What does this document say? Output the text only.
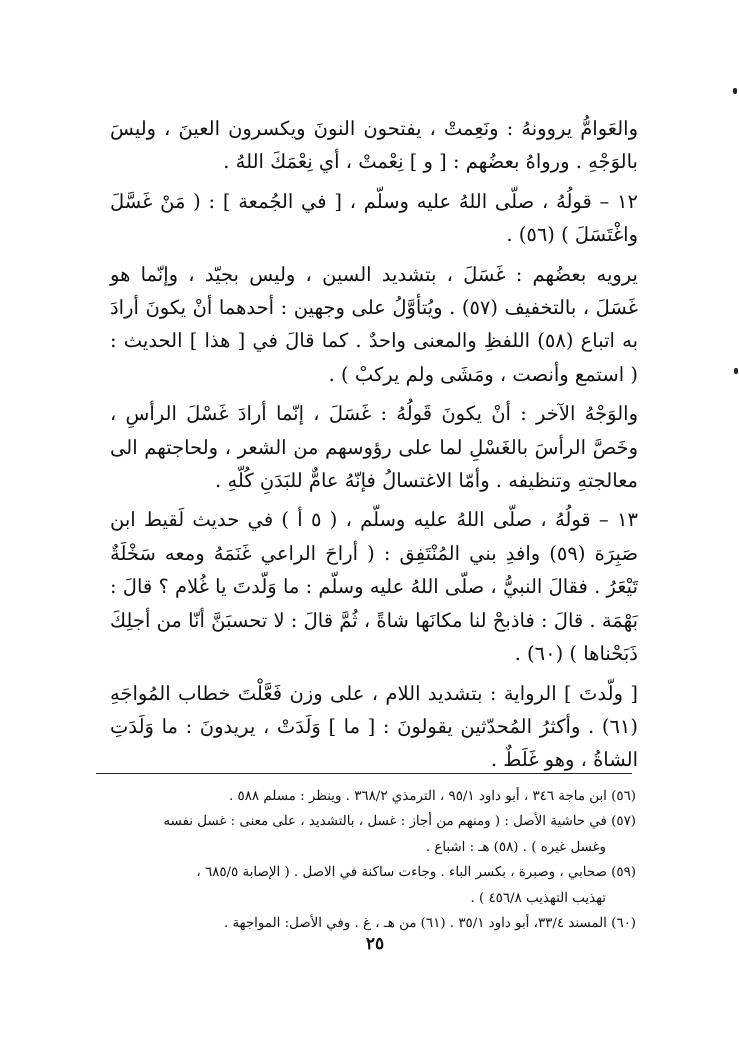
والعَوامُّ يروونهُ : ونَعِمتْ ، يفتحون النونَ ويكسرون العينَ ، وليسَ بالوَجْهِ . ورواهُ بعضُهم : [ و ] نِعْمتْ ، أي نِعْمَكَ اللهُ .

١٢ – قولُهُ ، صلّى اللهُ عليه وسلّم ، [ في الجُمعة ] : ( مَنْ غَسَّلَ واغْتَسَلَ ) (٥٦) .

يرويه بعضُهم : غَسَلَ ، بتشديد السين ، وليس بجيّد ، وإنّما هو غَسَلَ ، بالتخفيف (٥٧) . ويُتأوَّلُ على وجهين : أحدهما أنْ يكونَ أرادَ به اتباع (٥٨) اللفظِ والمعنى واحدٌ . كما قالَ في [ هذا ] الحديث : ( استمع وأنصت ، ومَشَى ولم يركبْ ) .

والوَجْهُ الآخر : أنْ يكونَ قَولُهُ : غَسَلَ ، إنّما أرادَ غَسْلَ الرأسِ ، وخَصَّ الرأسَ بالغَسْلِ لما على رؤوسهم من الشعر ، ولحاجتهم الى معالجتهِ وتنظيفه . وأمّا الاغتسالُ فإنّهُ عامٌّ للبَدَنِ كُلّهِ .

١٣ – قولُهُ ، صلّى اللهُ عليه وسلّم ، ( ٥ أ ) في حديث لَقيط ابن صَبِرَة (٥٩) وافدِ بني المُنْتَفِق : ( أراحَ الراعي غَنَمَهُ ومعه سَخْلَةٌ تَيْعَرُ . فقالَ النبيُّ ، صلّى اللهُ عليه وسلّم : ما وَلّدتَ يا غُلام ؟ قالَ : بَهْمَة . قالَ : فاذبحْ لنا مكانَها شاةً ، ثُمَّ قالَ : لا تحسبَنَّ أنّا من أجلِكَ ذَبَحْناها ) (٦٠) .

[ ولّدتَ ] الرواية : بتشديد اللام ، على وزن فَعَّلْتَ خطاب المُواجَهِ (٦١) . وأكثرُ المُحدّثين يقولونَ : [ ما ] وَلَدَتْ ، يريدونَ : ما وَلَدَتِ الشاةُ ، وهو غَلَطٌ .

(٥٦) ابن ماجة ٣٤٦ ، أبو داود ٩٥/١ ، الترمذي ٣٦٨/٢ . وينظر : مسلم ٥٨٨ .

(٥٧) في حاشية الأصل : ( ومنهم من أجاز : غسل ، بالتشديد ، على معنى : غسل نفسه

وغسل غيره ) . (٥٨) هـ : اشباع .

(٥٩) صحابي ، وصبرة ، بكسر الباء . وجاءت ساكنة في الاصل . ( الإصابة ٦٨٥/٥ ،

تهذيب التهذيب ٤٥٦/٨ ) .

(٦٠) المسند ٣٣/٤، أبو داود ٣٥/١ . (٦١) من هـ ، غ . وفي الأصل: المواجهة .

٢٥
